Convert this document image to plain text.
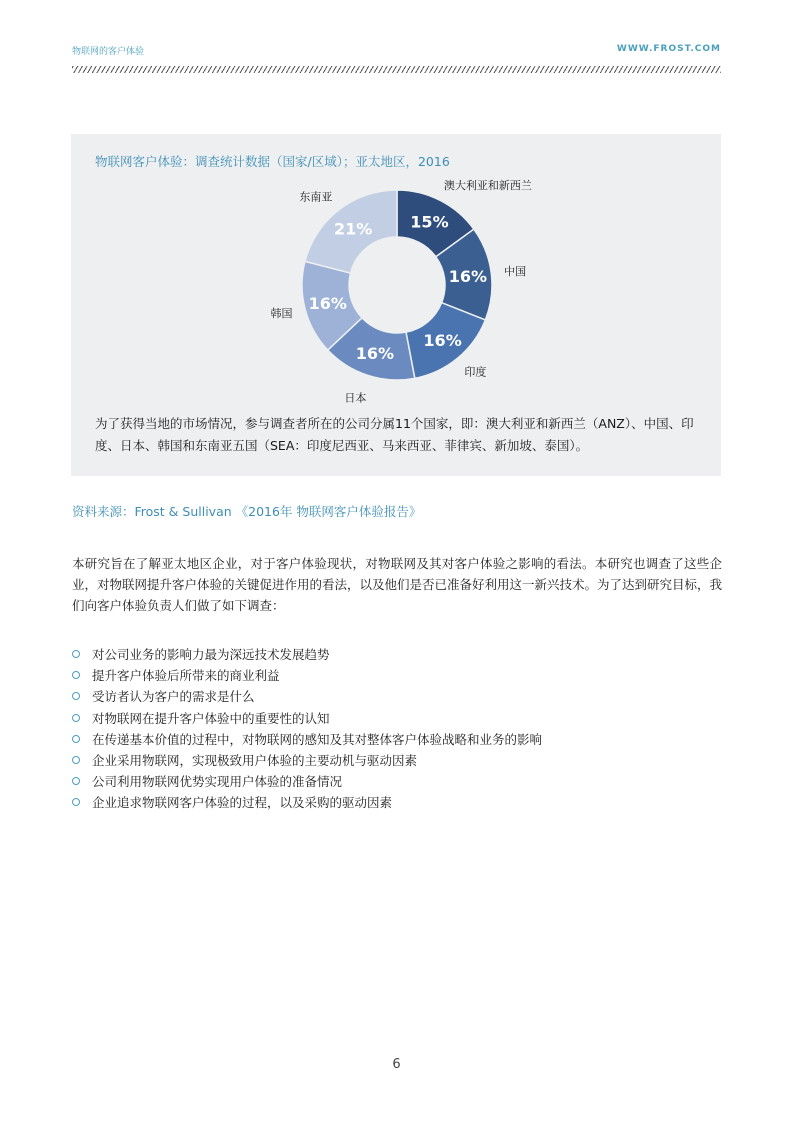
物联网的客户体验	WWW.FROST.COM
物联网客户体验：调查统计数据（国家/区域）；亚太地区，2016
15%
澳大利亚和新西兰
16% 中国
16%
印度
16%
日本
16%
韩国
21%
东南亚
为了获得当地的市场情况，参与调查者所在的公司分属11个国家，即：澳大利亚和新西兰（ANZ）、中国、印度、日本、韩国和东南亚五国（SEA：印度尼西亚、马来西亚、菲律宾、新加坡、泰国）。
资料来源：Frost & Sullivan 《2016年 物联网客户体验报告》
本研究旨在了解亚太地区企业，对于客户体验现状，对物联网及其对客户体验之影响的看法。本研究也调查了这些企业，对物联网提升客户体验的关键促进作用的看法，以及他们是否已准备好利用这一新兴技术。为了达到研究目标，我们向客户体验负责人们做了如下调查：
对公司业务的影响力最为深远技术发展趋势
提升客户体验后所带来的商业利益
受访者认为客户的需求是什么
对物联网在提升客户体验中的重要性的认知
在传递基本价值的过程中，对物联网的感知及其对整体客户体验战略和业务的影响
企业采用物联网，实现极致用户体验的主要动机与驱动因素
公司利用物联网优势实现用户体验的准备情况
企业追求物联网客户体验的过程，以及采购的驱动因素
6
